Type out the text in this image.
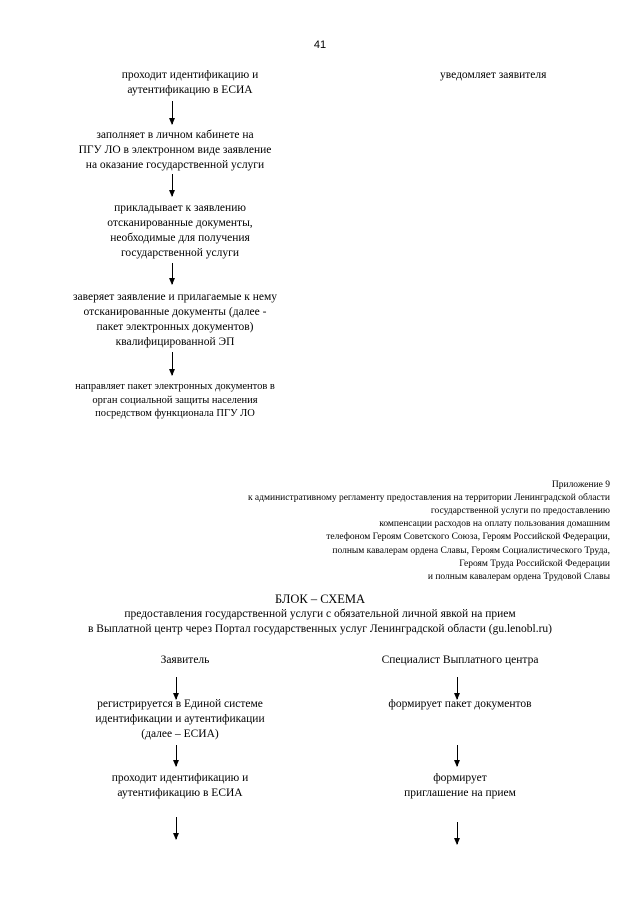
41
проходит идентификацию и
аутентификацию в ЕСИА
уведомляет заявителя
заполняет в личном кабинете на
ПГУ ЛО в электронном виде заявление
на оказание государственной услуги
прикладывает к заявлению
отсканированные документы,
необходимые для получения
государственной услуги
заверяет заявление и прилагаемые к нему
отсканированные документы (далее -
пакет электронных документов)
квалифицированной ЭП
направляет пакет электронных документов в
орган социальной защиты населения
посредством функционала ПГУ ЛО
Приложение 9
к административному регламенту предоставления на территории Ленинградской области
государственной услуги по предоставлению
компенсации расходов на оплату пользования домашним
телефоном Героям Советского Союза, Героям Российской Федерации,
полным кавалерам ордена Славы, Героям Социалистического Труда,
Героям Труда Российской Федерации
и полным кавалерам ордена Трудовой Славы
БЛОК – СХЕМА
предоставления государственной услуги с обязательной личной явкой на прием
в Выплатной центр через Портал государственных услуг Ленинградской области (gu.lenobl.ru)
Заявитель	Специалист Выплатного центра
регистрируется в Единой системе
идентификации и аутентификации
(далее – ЕСИА)
проходит идентификацию и
аутентификацию в ЕСИА
формирует пакет документов
формирует
приглашение на прием
